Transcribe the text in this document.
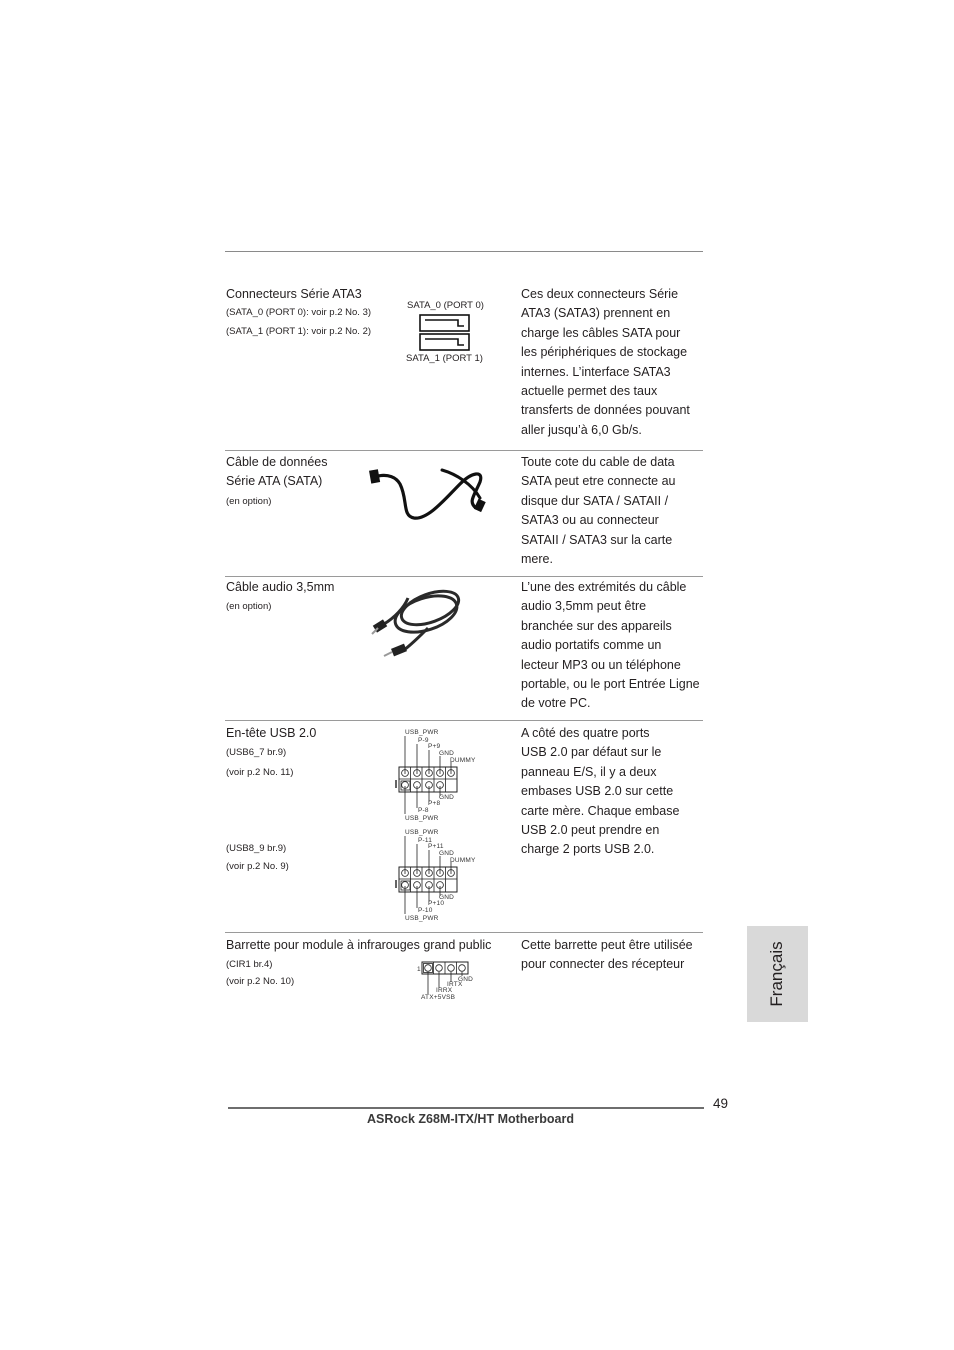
Connecteurs Série ATA3
(SATA_0 (PORT 0): voir p.2 No. 3)
(SATA_1 (PORT 1): voir p.2 No. 2)
SATA_0 (PORT 0)
SATA_1 (PORT 1)
Ces deux connecteurs Série
ATA3 (SATA3) prennent en
charge les câbles SATA pour
les périphériques de stockage
internes. L’interface SATA3
actuelle permet des taux
transferts de données pouvant
aller jusqu’à 6,0 Gb/s.
Câble de données
Série ATA (SATA)
(en option)
Toute cote du cable de data
SATA peut etre connecte au
disque dur SATA / SATAII /
SATA3 ou au connecteur
SATAII / SATA3 sur la carte
mere.
Câble audio 3,5mm
(en option)
L’une des extrémités du câble
audio 3,5mm peut être
branchée sur des appareils
audio portatifs comme un
lecteur MP3 ou un téléphone
portable, ou le port Entrée Ligne
de votre PC.
En-tête USB 2.0
(USB6_7 br.9)
(voir p.2 No. 11)
(USB8_9 br.9)
(voir p.2 No. 9)
USB_PWR
P-9
P+9
GND
DUMMY
GND
P+8
P-8
USB_PWR
USB_PWR
P-11
P+11
GND
DUMMY
GND
P+10
P-10
USB_PWR
A côté des quatre ports
USB 2.0 par défaut sur le
panneau E/S, il y a deux
embases USB 2.0 sur cette
carte mère. Chaque embase
USB 2.0 peut prendre en
charge 2 ports USB 2.0.
Barrette pour module à infrarouges grand public
(CIR1 br.4)
(voir p.2 No. 10)
1
GND
IRTX
IRRX
ATX+5VSB
Cette barrette peut être utilisée
pour connecter des récepteur	Français
49
ASRock Z68M-ITX/HT Motherboard
